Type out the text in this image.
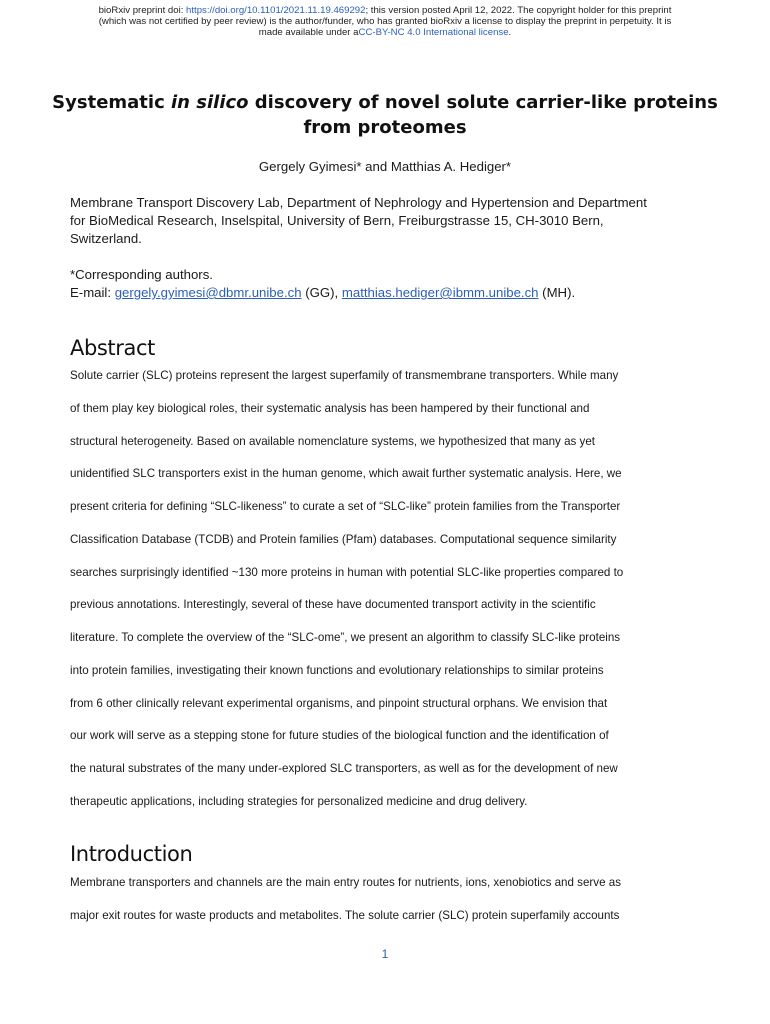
bioRxiv preprint doi: https://doi.org/10.1101/2021.11.19.469292; this version posted April 12, 2022. The copyright holder for this preprint
(which was not certified by peer review) is the author/funder, who has granted bioRxiv a license to display the preprint in perpetuity. It is
made available under aCC-BY-NC 4.0 International license.
Systematic in silico discovery of novel solute carrier-like proteins
from proteomes
Gergely Gyimesi* and Matthias A. Hediger*
Membrane Transport Discovery Lab, Department of Nephrology and Hypertension and Department
for BioMedical Research, Inselspital, University of Bern, Freiburgstrasse 15, CH-3010 Bern,
Switzerland.
*Corresponding authors.
E-mail: gergely.gyimesi@dbmr.unibe.ch (GG), matthias.hediger@ibmm.unibe.ch (MH).
Abstract
Solute carrier (SLC) proteins represent the largest superfamily of transmembrane transporters. While many
of them play key biological roles, their systematic analysis has been hampered by their functional and
structural heterogeneity. Based on available nomenclature systems, we hypothesized that many as yet
unidentified SLC transporters exist in the human genome, which await further systematic analysis. Here, we
present criteria for defining “SLC-likeness” to curate a set of “SLC-like” protein families from the Transporter
Classification Database (TCDB) and Protein families (Pfam) databases. Computational sequence similarity
searches surprisingly identified ~130 more proteins in human with potential SLC-like properties compared to
previous annotations. Interestingly, several of these have documented transport activity in the scientific
literature. To complete the overview of the “SLC-ome”, we present an algorithm to classify SLC-like proteins
into protein families, investigating their known functions and evolutionary relationships to similar proteins
from 6 other clinically relevant experimental organisms, and pinpoint structural orphans. We envision that
our work will serve as a stepping stone for future studies of the biological function and the identification of
the natural substrates of the many under-explored SLC transporters, as well as for the development of new
therapeutic applications, including strategies for personalized medicine and drug delivery.
Introduction
Membrane transporters and channels are the main entry routes for nutrients, ions, xenobiotics and serve as
major exit routes for waste products and metabolites. The solute carrier (SLC) protein superfamily accounts
1
